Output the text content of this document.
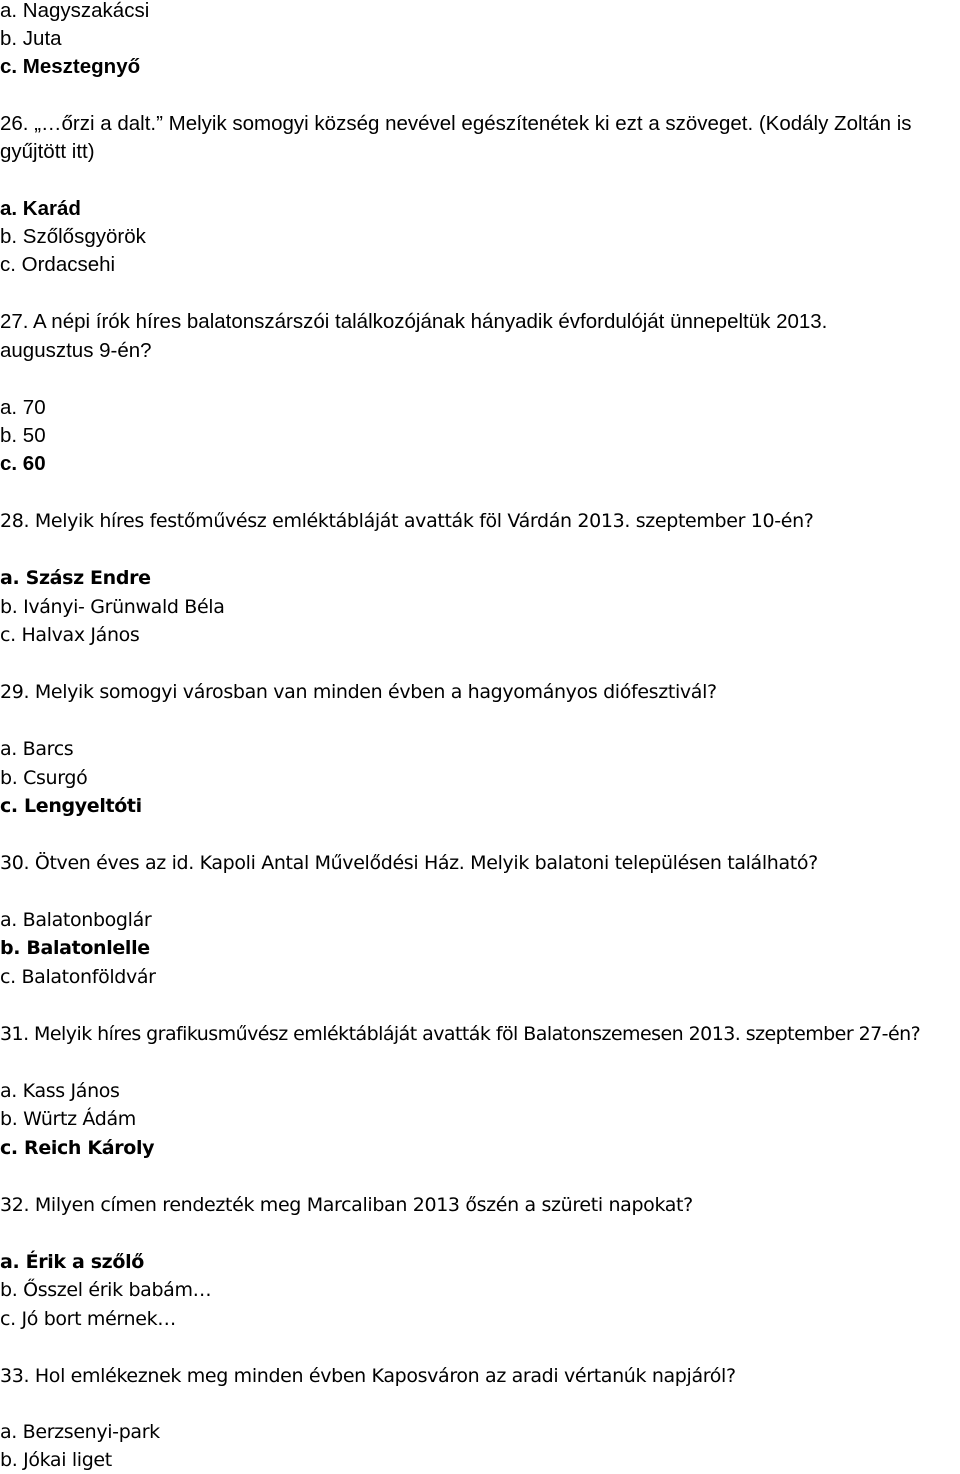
a. Nagyszakácsi
b. Juta
c. Mesztegnyő
26. „…őrzi a dalt.” Melyik somogyi község nevével egészítenétek ki ezt a szöveget. (Kodály Zoltán is
gyűjtött itt)
a. Karád
b. Szőlősgyörök
c. Ordacsehi
27. A népi írók híres balatonszárszói találkozójának hányadik évfordulóját ünnepeltük 2013.
augusztus 9-én?
a. 70
b. 50
c. 60
28. Melyik híres festőművész emléktábláját avatták föl Várdán 2013. szeptember 10-én?
a. Szász Endre
b. Iványi- Grünwald Béla
c. Halvax János
29. Melyik somogyi városban van minden évben a hagyományos diófesztivál?
a. Barcs
b. Csurgó
c. Lengyeltóti
30. Ötven éves az id. Kapoli Antal Művelődési Ház. Melyik balatoni településen található?
a. Balatonboglár
b. Balatonlelle
c. Balatonföldvár
31. Melyik híres grafikusművész emléktábláját avatták föl Balatonszemesen 2013. szeptember 27-én?
a. Kass János
b. Würtz Ádám
c. Reich Károly
32. Milyen címen rendezték meg Marcaliban 2013 őszén a szüreti napokat?
a. Érik a szőlő
b. Ősszel érik babám…
c. Jó bort mérnek…
33. Hol emlékeznek meg minden évben Kaposváron az aradi vértanúk napjáról?
a. Berzsenyi-park
b. Jókai liget
